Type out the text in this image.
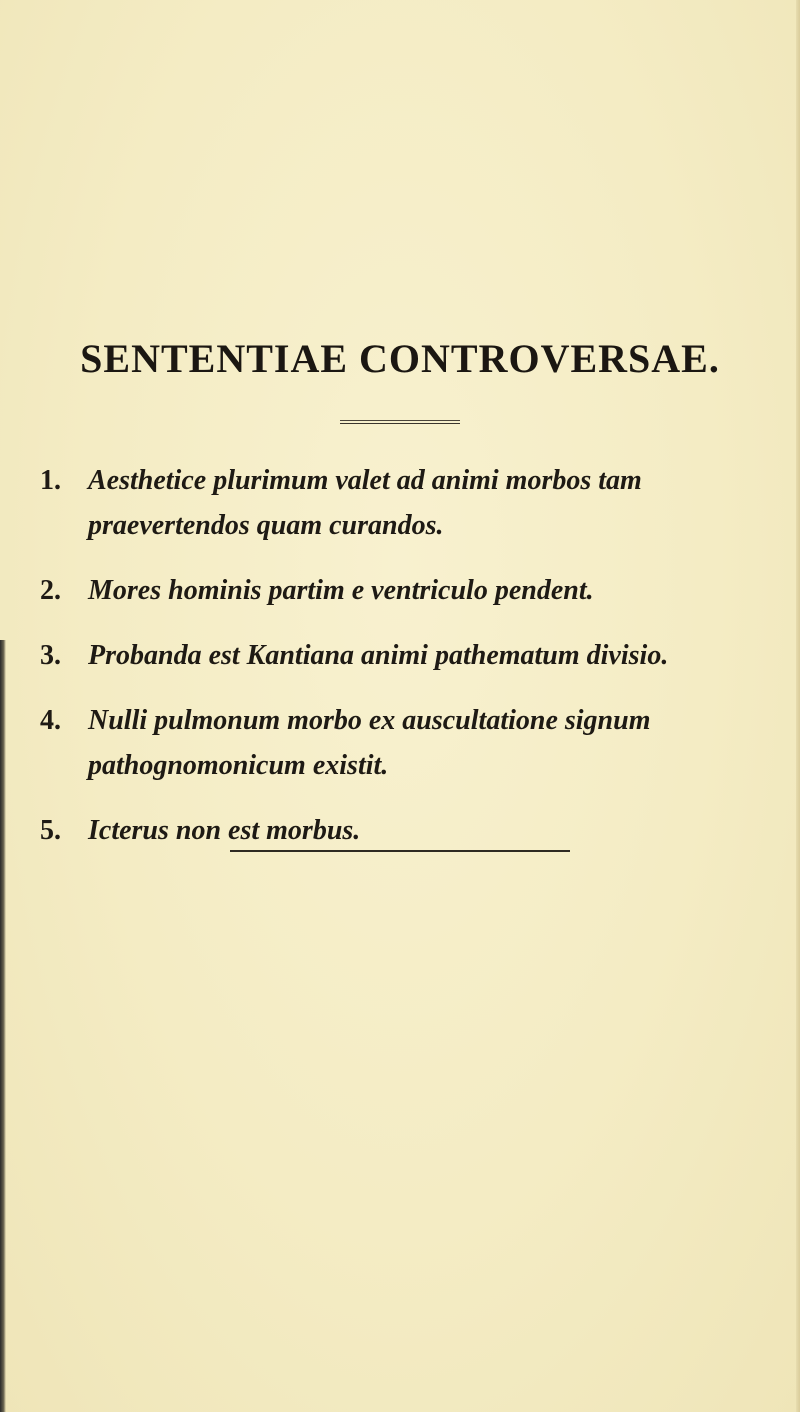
SENTENTIAE CONTROVERSAE.
1. Aesthetice plurimum valet ad animi morbos tam praevertendos quam curandos.
2. Mores hominis partim e ventriculo pendent.
3. Probanda est Kantiana animi pathematum divisio.
4. Nulli pulmonum morbo ex auscultatione signum pathognomonicum existit.
5. Icterus non est morbus.
